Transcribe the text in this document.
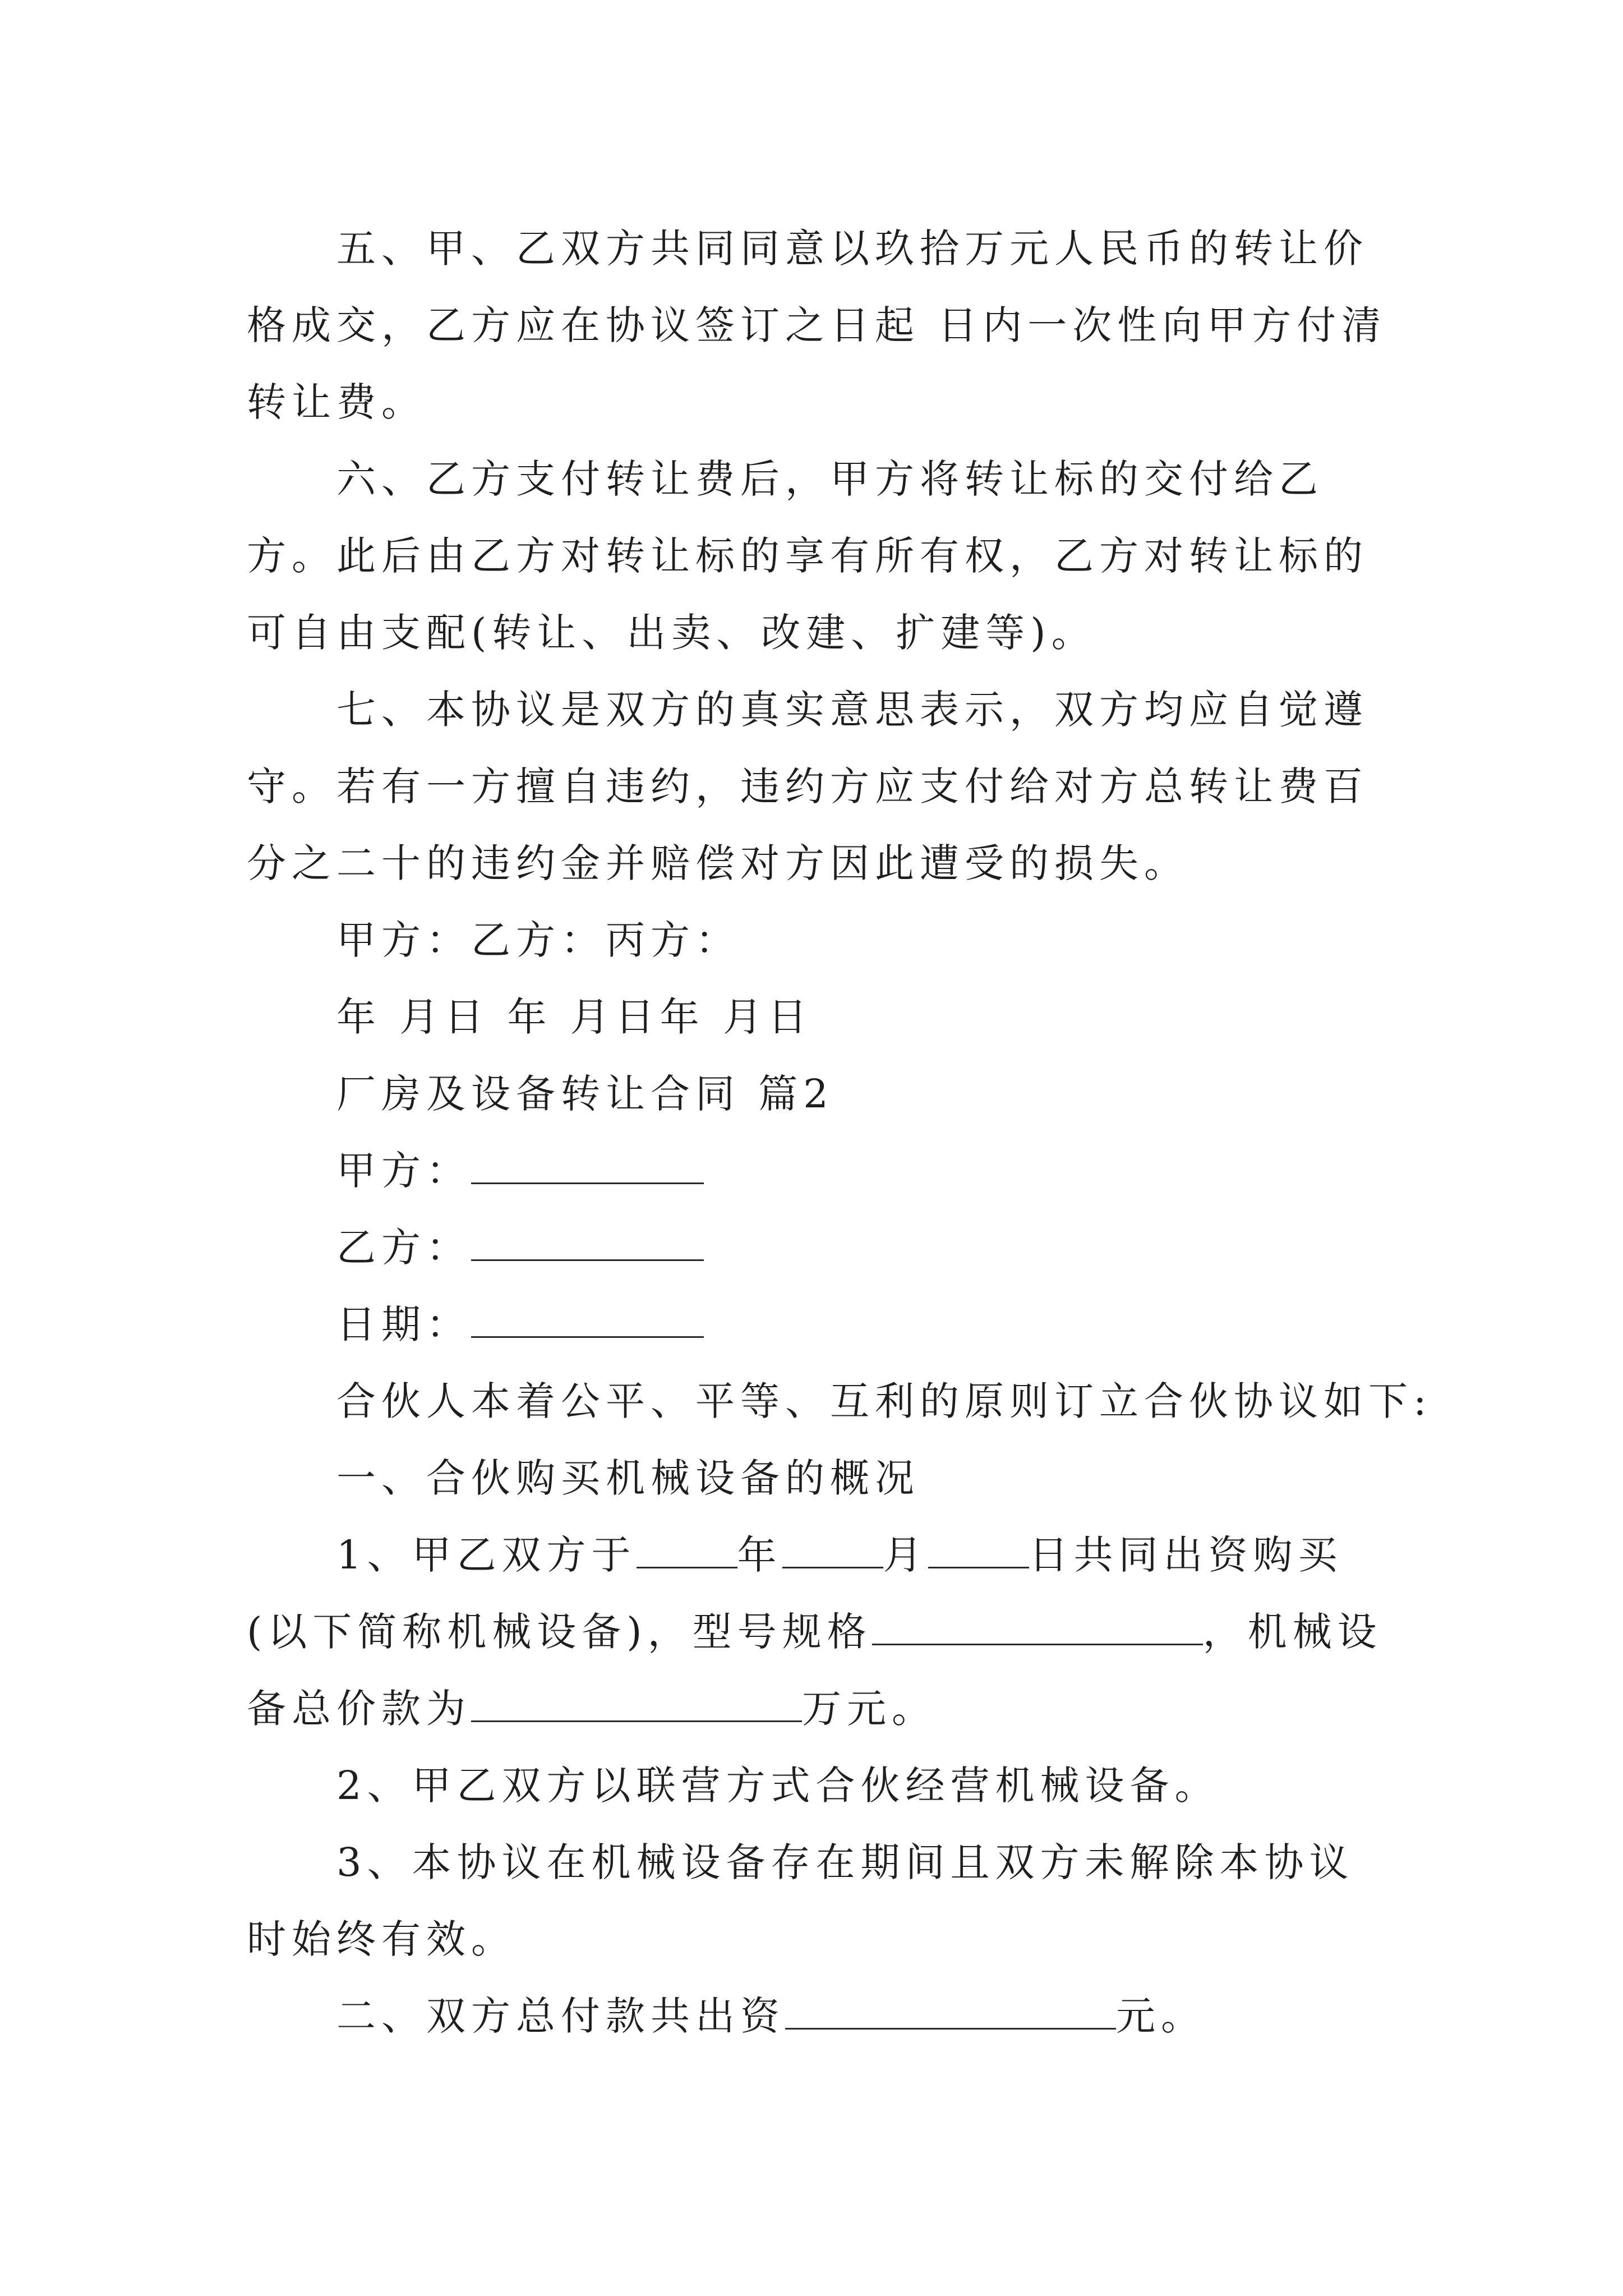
五、甲、乙双方共同同意以玖拾万元人民币的转让价格成交，乙方应在协议签订之日起 日内一次性向甲方付清转让费。

六、乙方支付转让费后，甲方将转让标的交付给乙方。此后由乙方对转让标的享有所有权，乙方对转让标的可自由支配(转让、出卖、改建、扩建等)。

七、本协议是双方的真实意思表示，双方均应自觉遵守。若有一方擅自违约，违约方应支付给对方总转让费百分之二十的违约金并赔偿对方因此遭受的损失。

甲方：乙方：丙方：

年 月日 年 月日年 月日

厂房及设备转让合同 篇2

甲方：

乙方：

日期：

合伙人本着公平、平等、互利的原则订立合伙协议如下:

一、合伙购买机械设备的概况

1、甲乙双方于	年	月	日共同出资购买(以下简称机械设备)，型号规格	，机械设备总价款为	万元。

2、甲乙双方以联营方式合伙经营机械设备。

3、本协议在机械设备存在期间且双方未解除本协议时始终有效。

二、双方总付款共出资	元。
